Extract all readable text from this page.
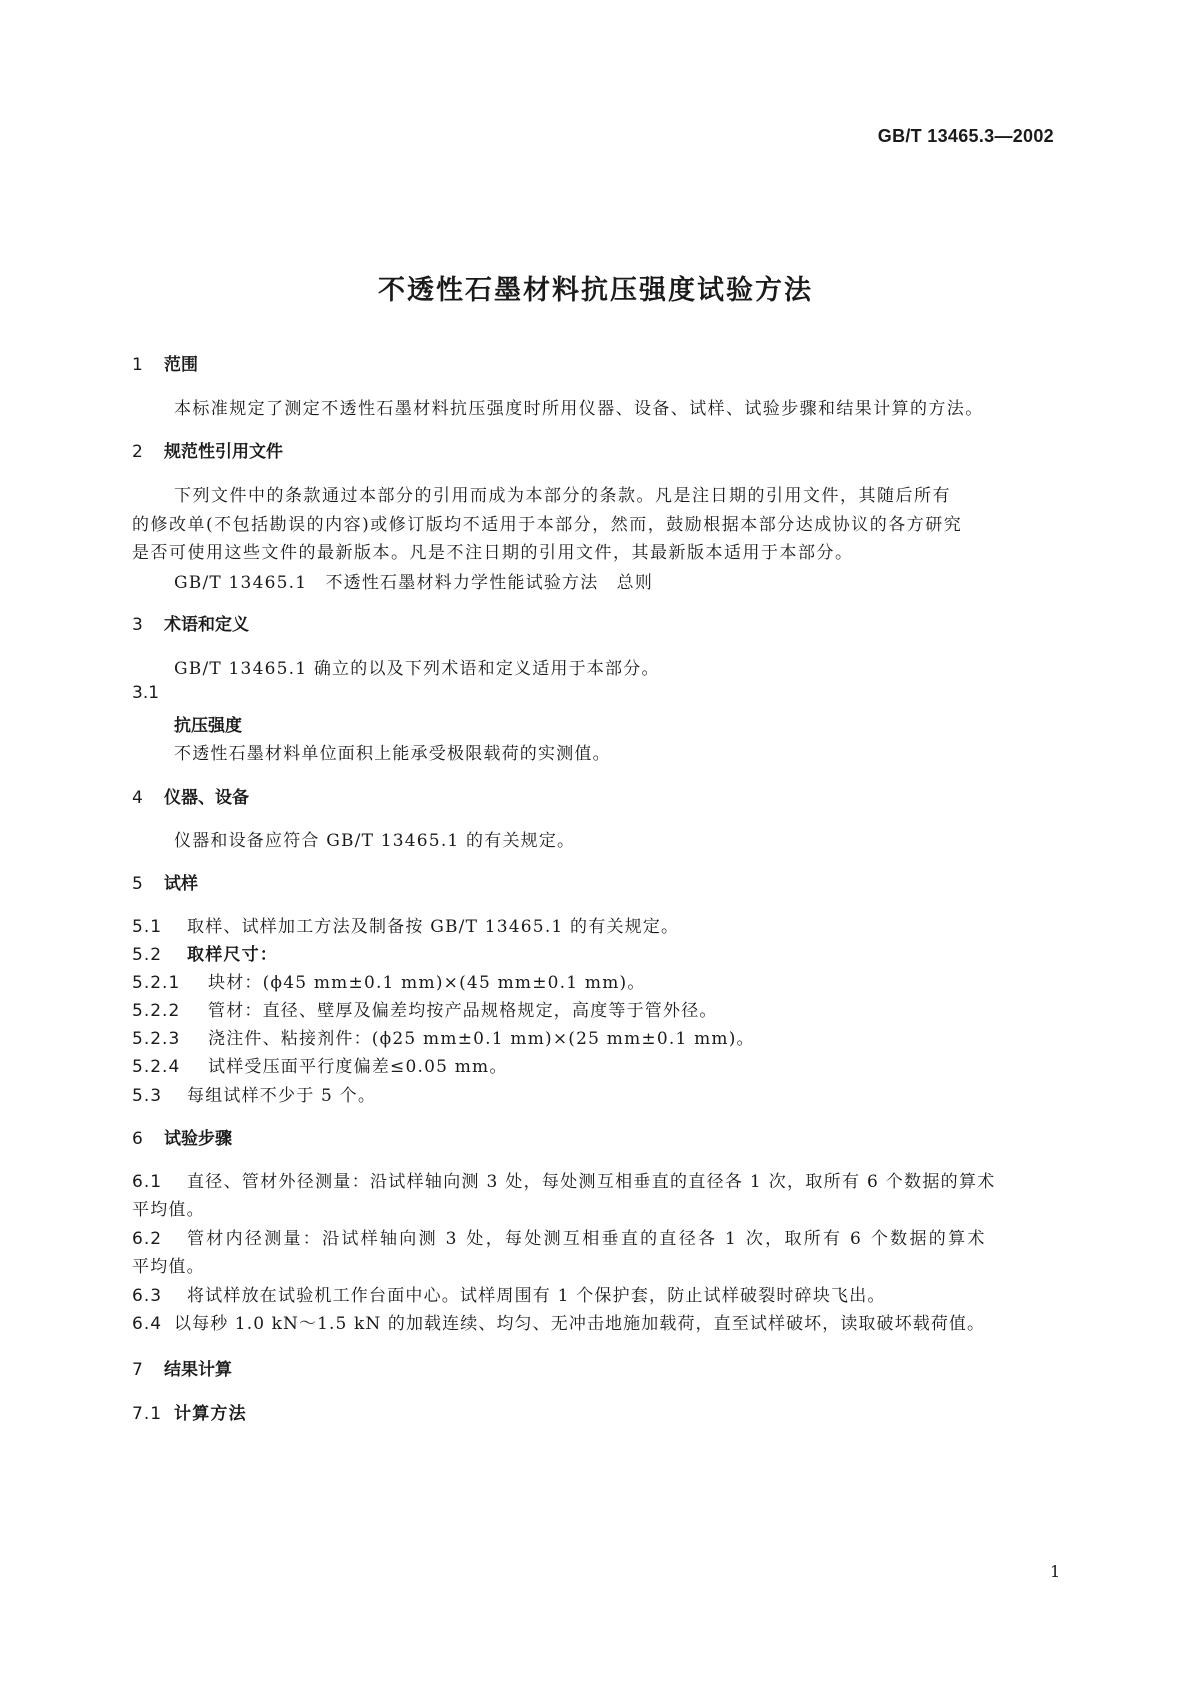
GB/T 13465.3—2002
不透性石墨材料抗压强度试验方法
1 范围
本标准规定了测定不透性石墨材料抗压强度时所用仪器、设备、试样、试验步骤和结果计算的方法。
2 规范性引用文件
下列文件中的条款通过本部分的引用而成为本部分的条款。凡是注日期的引用文件，其随后所有
的修改单(不包括勘误的内容)或修订版均不适用于本部分，然而，鼓励根据本部分达成协议的各方研究
是否可使用这些文件的最新版本。凡是不注日期的引用文件，其最新版本适用于本部分。
GB/T 13465.1　不透性石墨材料力学性能试验方法　总则
3 术语和定义
GB/T 13465.1 确立的以及下列术语和定义适用于本部分。
3.1
抗压强度
不透性石墨材料单位面积上能承受极限载荷的实测值。
4 仪器、设备
仪器和设备应符合 GB/T 13465.1 的有关规定。
5 试样
5.1 取样、试样加工方法及制备按 GB/T 13465.1 的有关规定。
5.2 取样尺寸：
5.2.1 块材：(ϕ45 mm±0.1 mm)×(45 mm±0.1 mm)。
5.2.2 管材：直径、壁厚及偏差均按产品规格规定，高度等于管外径。
5.2.3 浇注件、粘接剂件：(ϕ25 mm±0.1 mm)×(25 mm±0.1 mm)。
5.2.4 试样受压面平行度偏差≤0.05 mm。
5.3 每组试样不少于 5 个。
6 试验步骤
6.1 直径、管材外径测量：沿试样轴向测 3 处，每处测互相垂直的直径各 1 次，取所有 6 个数据的算术
平均值。
6.2 管材内径测量：沿试样轴向测 3 处，每处测互相垂直的直径各 1 次，取所有 6 个数据的算术
平均值。
6.3 将试样放在试验机工作台面中心。试样周围有 1 个保护套，防止试样破裂时碎块飞出。
6.4 以每秒 1.0 kN～1.5 kN 的加载连续、均匀、无冲击地施加载荷，直至试样破坏，读取破坏载荷值。
7 结果计算
7.1 计算方法
1
